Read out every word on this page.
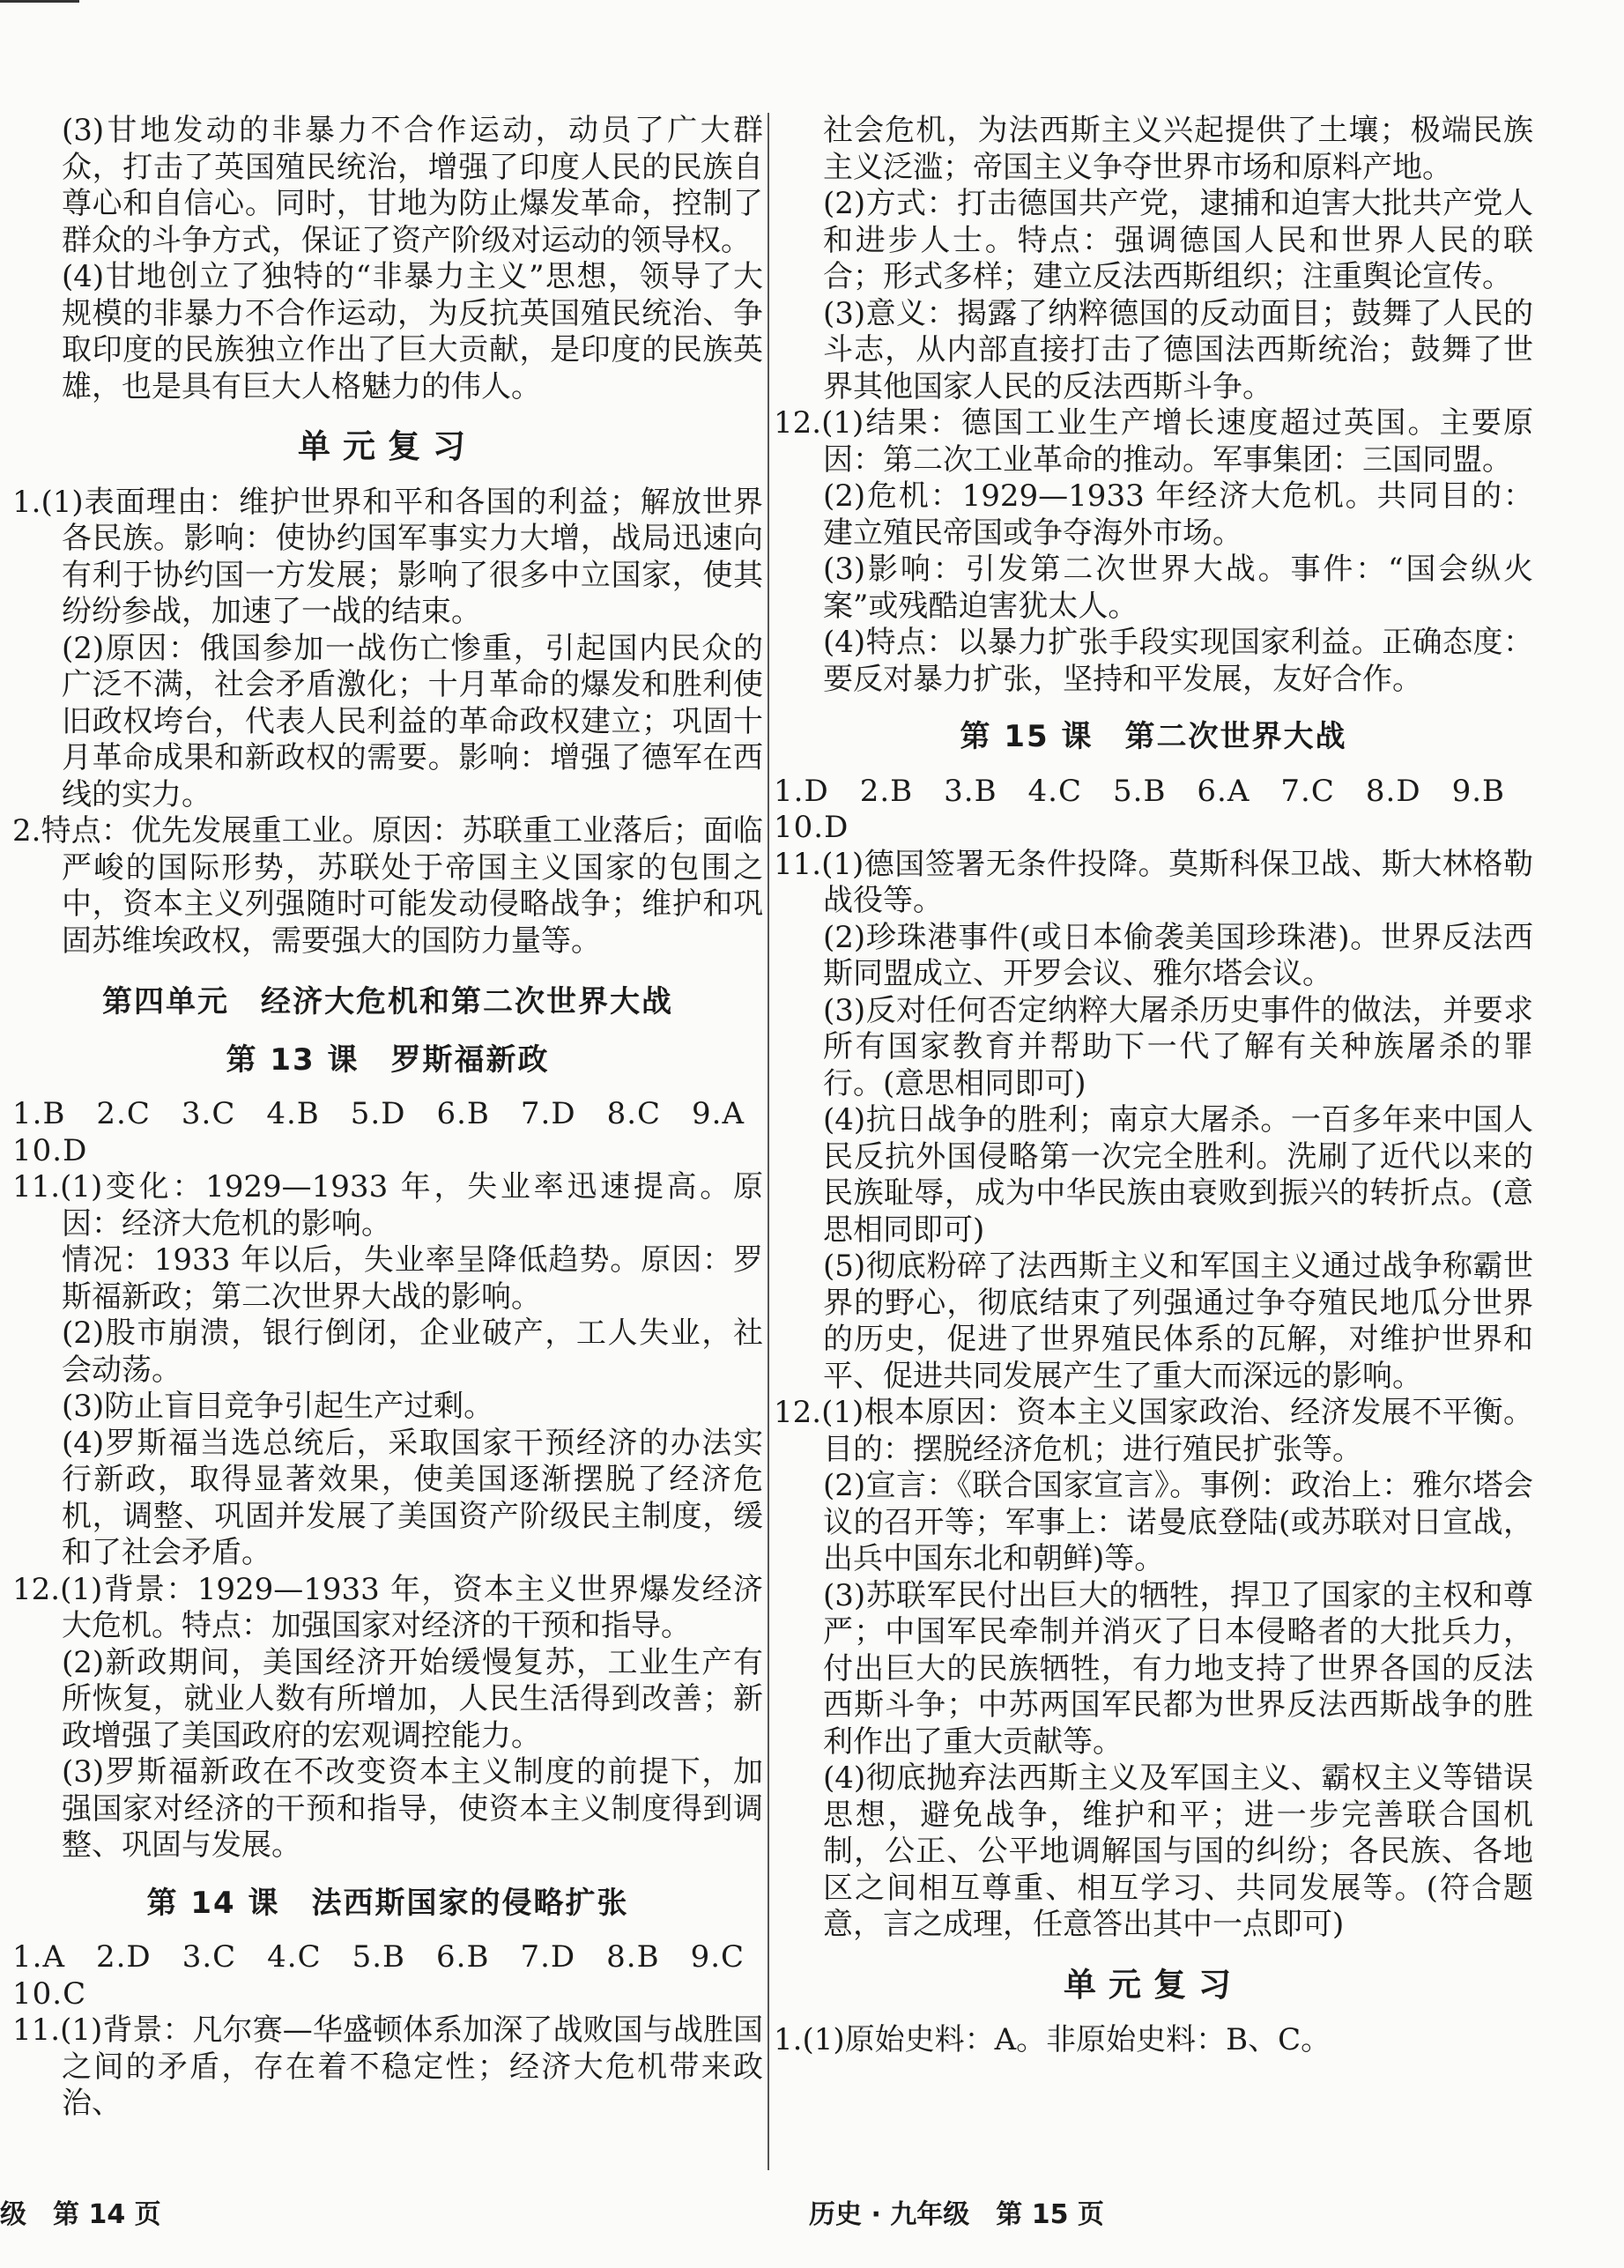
(3)甘地发动的非暴力不合作运动，动员了广大群众，打击了英国殖民统治，增强了印度人民的民族自尊心和自信心。同时，甘地为防止爆发革命，控制了群众的斗争方式，保证了资产阶级对运动的领导权。

(4)甘地创立了独特的“非暴力主义”思想，领导了大规模的非暴力不合作运动，为反抗英国殖民统治、争取印度的民族独立作出了巨大贡献，是印度的民族英雄，也是具有巨大人格魅力的伟人。

单元复习

1.(1)表面理由：维护世界和平和各国的利益；解放世界各民族。影响：使协约国军事实力大增，战局迅速向有利于协约国一方发展；影响了很多中立国家，使其纷纷参战，加速了一战的结束。

(2)原因：俄国参加一战伤亡惨重，引起国内民众的广泛不满，社会矛盾激化；十月革命的爆发和胜利使旧政权垮台，代表人民利益的革命政权建立；巩固十月革命成果和新政权的需要。影响：增强了德军在西线的实力。

2.特点：优先发展重工业。原因：苏联重工业落后；面临严峻的国际形势，苏联处于帝国主义国家的包围之中，资本主义列强随时可能发动侵略战争；维护和巩固苏维埃政权，需要强大的国防力量等。

第四单元　经济大危机和第二次世界大战
第 13 课　罗斯福新政

1.B　2.C　3.C　4.B　5.D　6.B　7.D　8.C　9.A

10.D

11.(1)变化：1929—1933 年，失业率迅速提高。原因：经济大危机的影响。

情况：1933 年以后，失业率呈降低趋势。原因：罗斯福新政；第二次世界大战的影响。

(2)股市崩溃，银行倒闭，企业破产，工人失业，社会动荡。

(3)防止盲目竞争引起生产过剩。

(4)罗斯福当选总统后，采取国家干预经济的办法实行新政，取得显著效果，使美国逐渐摆脱了经济危机，调整、巩固并发展了美国资产阶级民主制度，缓和了社会矛盾。

12.(1)背景：1929—1933 年，资本主义世界爆发经济大危机。特点：加强国家对经济的干预和指导。

(2)新政期间，美国经济开始缓慢复苏，工业生产有所恢复，就业人数有所增加，人民生活得到改善；新政增强了美国政府的宏观调控能力。

(3)罗斯福新政在不改变资本主义制度的前提下，加强国家对经济的干预和指导，使资本主义制度得到调整、巩固与发展。

第 14 课　法西斯国家的侵略扩张

1.A　2.D　3.C　4.C　5.B　6.B　7.D　8.B　9.C

10.C

11.(1)背景：凡尔赛—华盛顿体系加深了战败国与战胜国之间的矛盾，存在着不稳定性；经济大危机带来政治、

社会危机，为法西斯主义兴起提供了土壤；极端民族主义泛滥；帝国主义争夺世界市场和原料产地。

(2)方式：打击德国共产党，逮捕和迫害大批共产党人和进步人士。特点：强调德国人民和世界人民的联合；形式多样；建立反法西斯组织；注重舆论宣传。

(3)意义：揭露了纳粹德国的反动面目；鼓舞了人民的斗志，从内部直接打击了德国法西斯统治；鼓舞了世界其他国家人民的反法西斯斗争。

12.(1)结果：德国工业生产增长速度超过英国。主要原因：第二次工业革命的推动。军事集团：三国同盟。

(2)危机：1929—1933 年经济大危机。共同目的：建立殖民帝国或争夺海外市场。

(3)影响：引发第二次世界大战。事件：“国会纵火案”或残酷迫害犹太人。

(4)特点：以暴力扩张手段实现国家利益。正确态度：要反对暴力扩张，坚持和平发展，友好合作。

第 15 课　第二次世界大战

1.D　2.B　3.B　4.C　5.B　6.A　7.C　8.D　9.B

10.D

11.(1)德国签署无条件投降。莫斯科保卫战、斯大林格勒战役等。

(2)珍珠港事件(或日本偷袭美国珍珠港)。世界反法西斯同盟成立、开罗会议、雅尔塔会议。

(3)反对任何否定纳粹大屠杀历史事件的做法，并要求所有国家教育并帮助下一代了解有关种族屠杀的罪行。(意思相同即可)

(4)抗日战争的胜利；南京大屠杀。一百多年来中国人民反抗外国侵略第一次完全胜利。洗刷了近代以来的民族耻辱，成为中华民族由衰败到振兴的转折点。(意思相同即可)

(5)彻底粉碎了法西斯主义和军国主义通过战争称霸世界的野心，彻底结束了列强通过争夺殖民地瓜分世界的历史，促进了世界殖民体系的瓦解，对维护世界和平、促进共同发展产生了重大而深远的影响。

12.(1)根本原因：资本主义国家政治、经济发展不平衡。目的：摆脱经济危机；进行殖民扩张等。

(2)宣言：《联合国家宣言》。事例：政治上：雅尔塔会议的召开等；军事上：诺曼底登陆(或苏联对日宣战，出兵中国东北和朝鲜)等。

(3)苏联军民付出巨大的牺牲，捍卫了国家的主权和尊严；中国军民牵制并消灭了日本侵略者的大批兵力，付出巨大的民族牺牲，有力地支持了世界各国的反法西斯斗争；中苏两国军民都为世界反法西斯战争的胜利作出了重大贡献等。

(4)彻底抛弃法西斯主义及军国主义、霸权主义等错误思想，避免战争，维护和平；进一步完善联合国机制，公正、公平地调解国与国的纠纷；各民族、各地区之间相互尊重、相互学习、共同发展等。(符合题意，言之成理，任意答出其中一点即可)

单元复习

1.(1)原始史料：A。非原始史料：B、C。

级　第 14 页	历史 · 九年级　第 15 页
